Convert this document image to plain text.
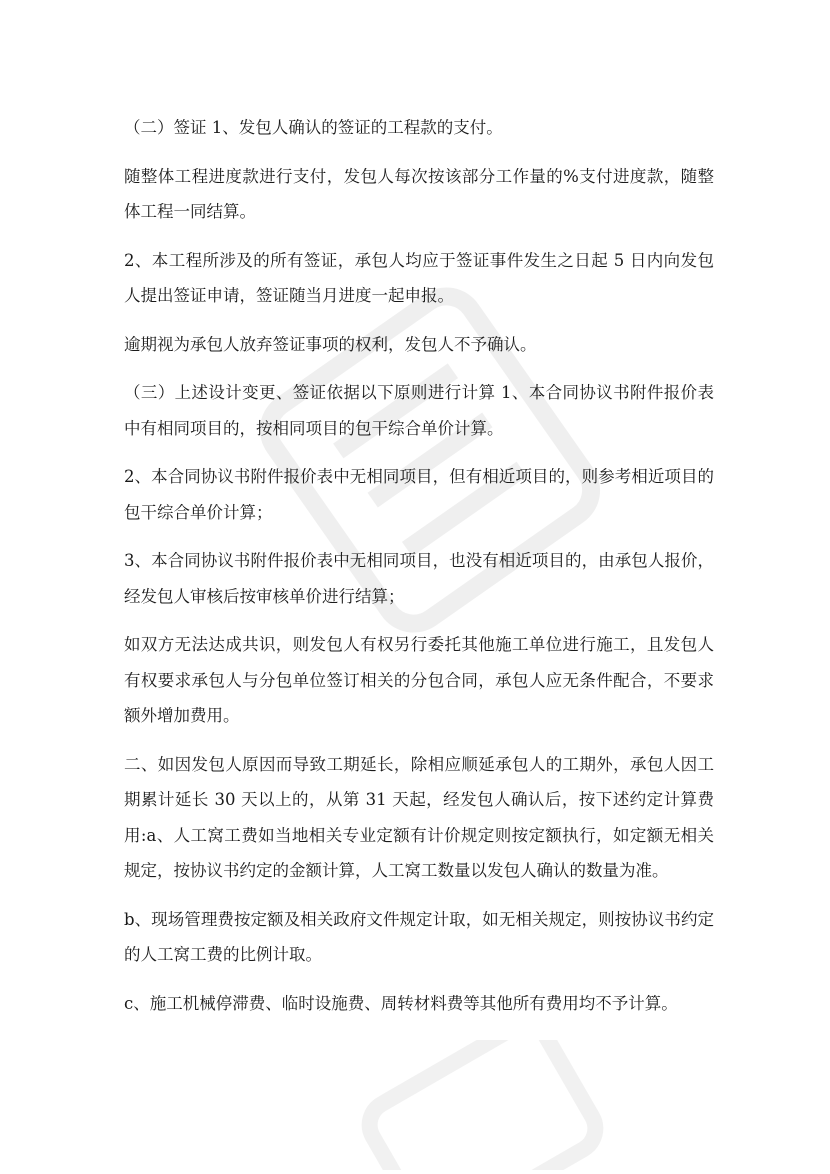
（二）签证 1、发包人确认的签证的工程款的支付。

随整体工程进度款进行支付，发包人每次按该部分工作量的%支付进度款，随整体工程一同结算。

2、本工程所涉及的所有签证，承包人均应于签证事件发生之日起 5 日内向发包人提出签证申请，签证随当月进度一起申报。

逾期视为承包人放弃签证事项的权利，发包人不予确认。

（三）上述设计变更、签证依据以下原则进行计算 1、本合同协议书附件报价表中有相同项目的，按相同项目的包干综合单价计算。

2、本合同协议书附件报价表中无相同项目，但有相近项目的，则参考相近项目的包干综合单价计算；

3、本合同协议书附件报价表中无相同项目，也没有相近项目的，由承包人报价，经发包人审核后按审核单价进行结算；

如双方无法达成共识，则发包人有权另行委托其他施工单位进行施工，且发包人有权要求承包人与分包单位签订相关的分包合同，承包人应无条件配合，不要求额外增加费用。

二、如因发包人原因而导致工期延长，除相应顺延承包人的工期外，承包人因工期累计延长 30 天以上的，从第 31 天起，经发包人确认后，按下述约定计算费用:a、人工窝工费如当地相关专业定额有计价规定则按定额执行，如定额无相关规定，按协议书约定的金额计算，人工窝工数量以发包人确认的数量为准。

b、现场管理费按定额及相关政府文件规定计取，如无相关规定，则按协议书约定的人工窝工费的比例计取。

c、施工机械停滞费、临时设施费、周转材料费等其他所有费用均不予计算。
